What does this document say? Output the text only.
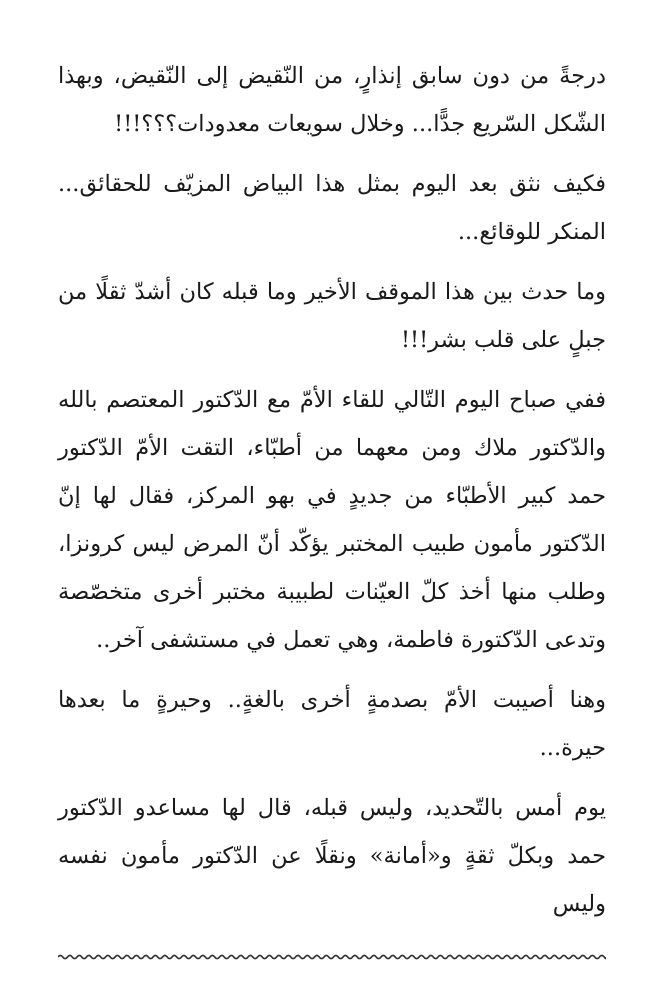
درجةً من دون سابق إنذارٍ، من النّقيض إلى النّقيض، وبهذا الشّكل السّريع جدًّا... وخلال سويعات معدودات؟؟؟!!!

فكيف نثق بعد اليوم بمثل هذا البياض المزيّف للحقائق... المنكر للوقائع...

وما حدث بين هذا الموقف الأخير وما قبله كان أشدّ ثقلًا من جبلٍ على قلب بشر!!!

ففي صباح اليوم التّالي للقاء الأمّ مع الدّكتور المعتصم بالله والدّكتور ملاك ومن معهما من أطبّاء، التقت الأمّ الدّكتور حمد كبير الأطبّاء من جديدٍ في بهو المركز، فقال لها إنّ الدّكتور مأمون طبيب المختبر يؤكّد أنّ المرض ليس كرونزا، وطلب منها أخذ كلّ العيّنات لطبيبة مختبر أخرى متخصّصة وتدعى الدّكتورة فاطمة، وهي تعمل في مستشفى آخر..

وهنا أصيبت الأمّ بصدمةٍ أخرى بالغةٍ.. وحيرةٍ ما بعدها حيرة...

يوم أمس بالتّحديد، وليس قبله، قال لها مساعدو الدّكتور حمد وبكلّ ثقةٍ و«أمانة» ونقلًا عن الدّكتور مأمون نفسه وليس
